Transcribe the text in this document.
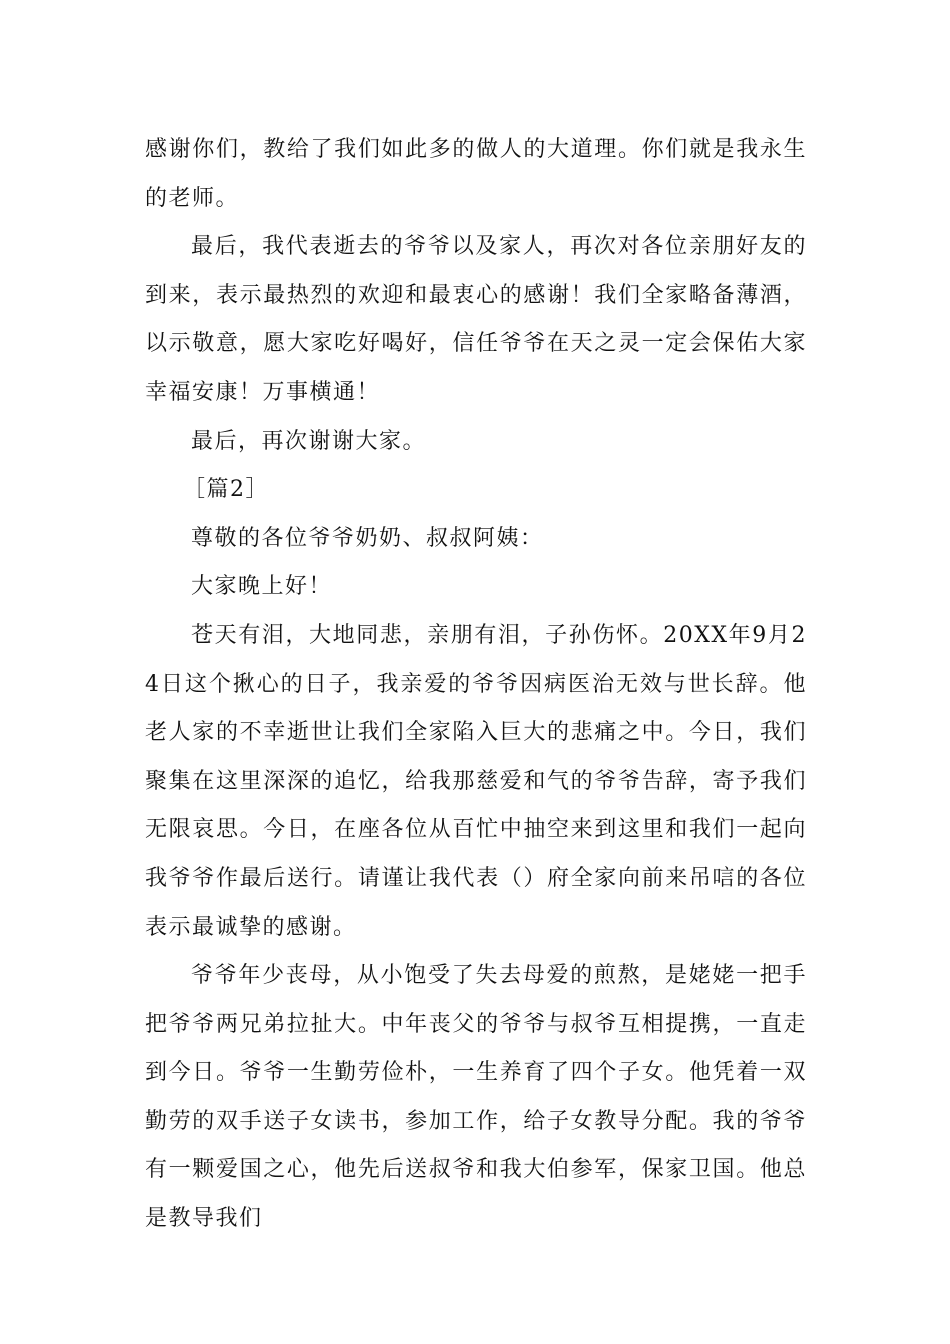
感谢你们，教给了我们如此多的做人的大道理。你们就是我永生的老师。

最后，我代表逝去的爷爷以及家人，再次对各位亲朋好友的到来，表示最热烈的欢迎和最衷心的感谢！我们全家略备薄酒，以示敬意，愿大家吃好喝好，信任爷爷在天之灵一定会保佑大家幸福安康！万事横通！

最后，再次谢谢大家。

［篇2］

尊敬的各位爷爷奶奶、叔叔阿姨：

大家晚上好！

苍天有泪，大地同悲，亲朋有泪，子孙伤怀。20XX年9月24日这个揪心的日子，我亲爱的爷爷因病医治无效与世长辞。他老人家的不幸逝世让我们全家陷入巨大的悲痛之中。今日，我们聚集在这里深深的追忆，给我那慈爱和气的爷爷告辞，寄予我们无限哀思。今日，在座各位从百忙中抽空来到这里和我们一起向我爷爷作最后送行。请谨让我代表（）府全家向前来吊唁的各位表示最诚挚的感谢。

爷爷年少丧母，从小饱受了失去母爱的煎熬，是姥姥一把手把爷爷两兄弟拉扯大。中年丧父的爷爷与叔爷互相提携，一直走到今日。爷爷一生勤劳俭朴，一生养育了四个子女。他凭着一双勤劳的双手送子女读书，参加工作，给子女教导分配。我的爷爷有一颗爱国之心，他先后送叔爷和我大伯参军，保家卫国。他总是教导我们
